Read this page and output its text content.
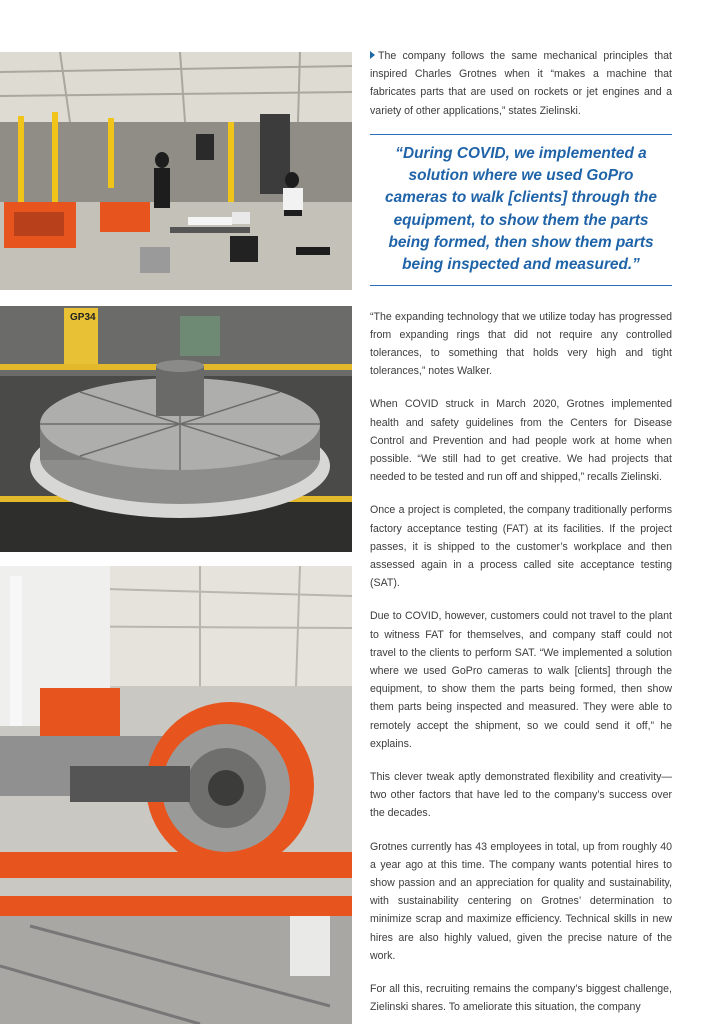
GP34

The company follows the same mechanical principles that inspired Charles Grotnes when it “makes a machine that fabricates parts that are used on rockets or jet engines and a variety of other applications,” states Zielinski.

“During COVID, we implemented a solution where we used GoPro cameras to walk [clients] through the equipment, to show them the parts being formed, then show them parts being inspected and measured.”

“The expanding technology that we utilize today has progressed from expanding rings that did not require any controlled tolerances, to something that holds very high and tight tolerances,” notes Walker.

When COVID struck in March 2020, Grotnes implemented health and safety guidelines from the Centers for Disease Control and Prevention and had people work at home when possible. “We still had to get creative. We had projects that needed to be tested and run off and shipped,” recalls Zielinski.

Once a project is completed, the company traditionally performs factory acceptance testing (FAT) at its facilities. If the project passes, it is shipped to the customer’s workplace and then assessed again in a process called site acceptance testing (SAT).

Due to COVID, however, customers could not travel to the plant to witness FAT for themselves, and company staff could not travel to the clients to perform SAT. “We implemented a solution where we used GoPro cameras to walk [clients] through the equipment, to show them the parts being formed, then show them parts being inspected and measured. They were able to remotely accept the shipment, so we could send it off,” he explains.

This clever tweak aptly demonstrated flexibility and creativity—two other factors that have led to the company’s success over the decades.

Grotnes currently has 43 employees in total, up from roughly 40 a year ago at this time. The company wants potential hires to show passion and an appreciation for quality and sustainability, with sustainability centering on Grotnes’ determination to minimize scrap and maximize efficiency. Technical skills in new hires are also highly valued, given the precise nature of the work.

For all this, recruiting remains the company’s biggest challenge, Zielinski shares. To ameliorate this situation, the company
